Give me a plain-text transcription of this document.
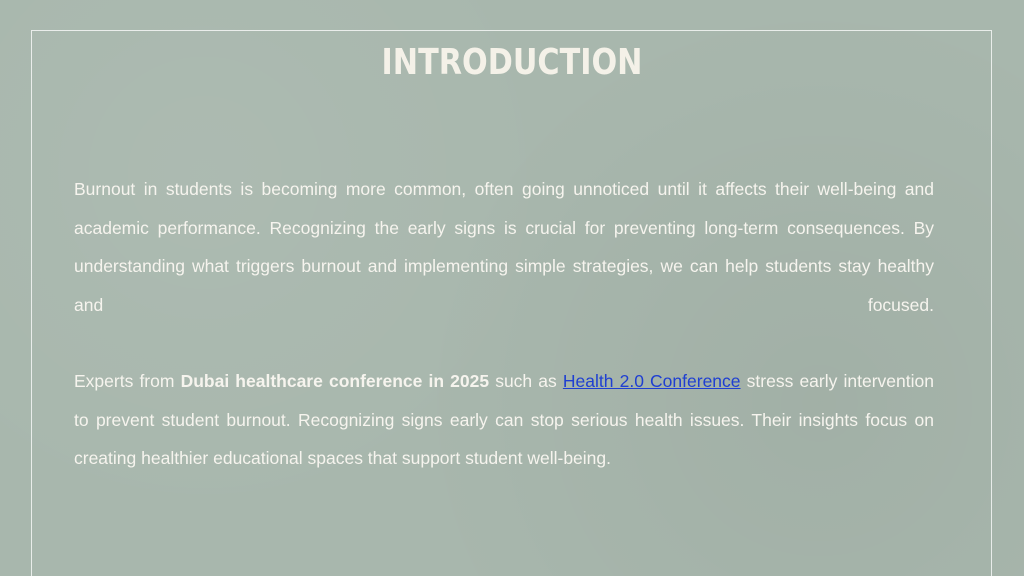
INTRODUCTION

Burnout in students is becoming more common, often going unnoticed until it affects their well-being and academic performance. Recognizing the early signs is crucial for preventing long-term consequences. By understanding what triggers burnout and implementing simple strategies, we can help students stay healthy and focused.

Experts from Dubai healthcare conference in 2025 such as Health 2.0 Conference stress early intervention to prevent student burnout. Recognizing signs early can stop serious health issues. Their insights focus on creating healthier educational spaces that support student well-being.
